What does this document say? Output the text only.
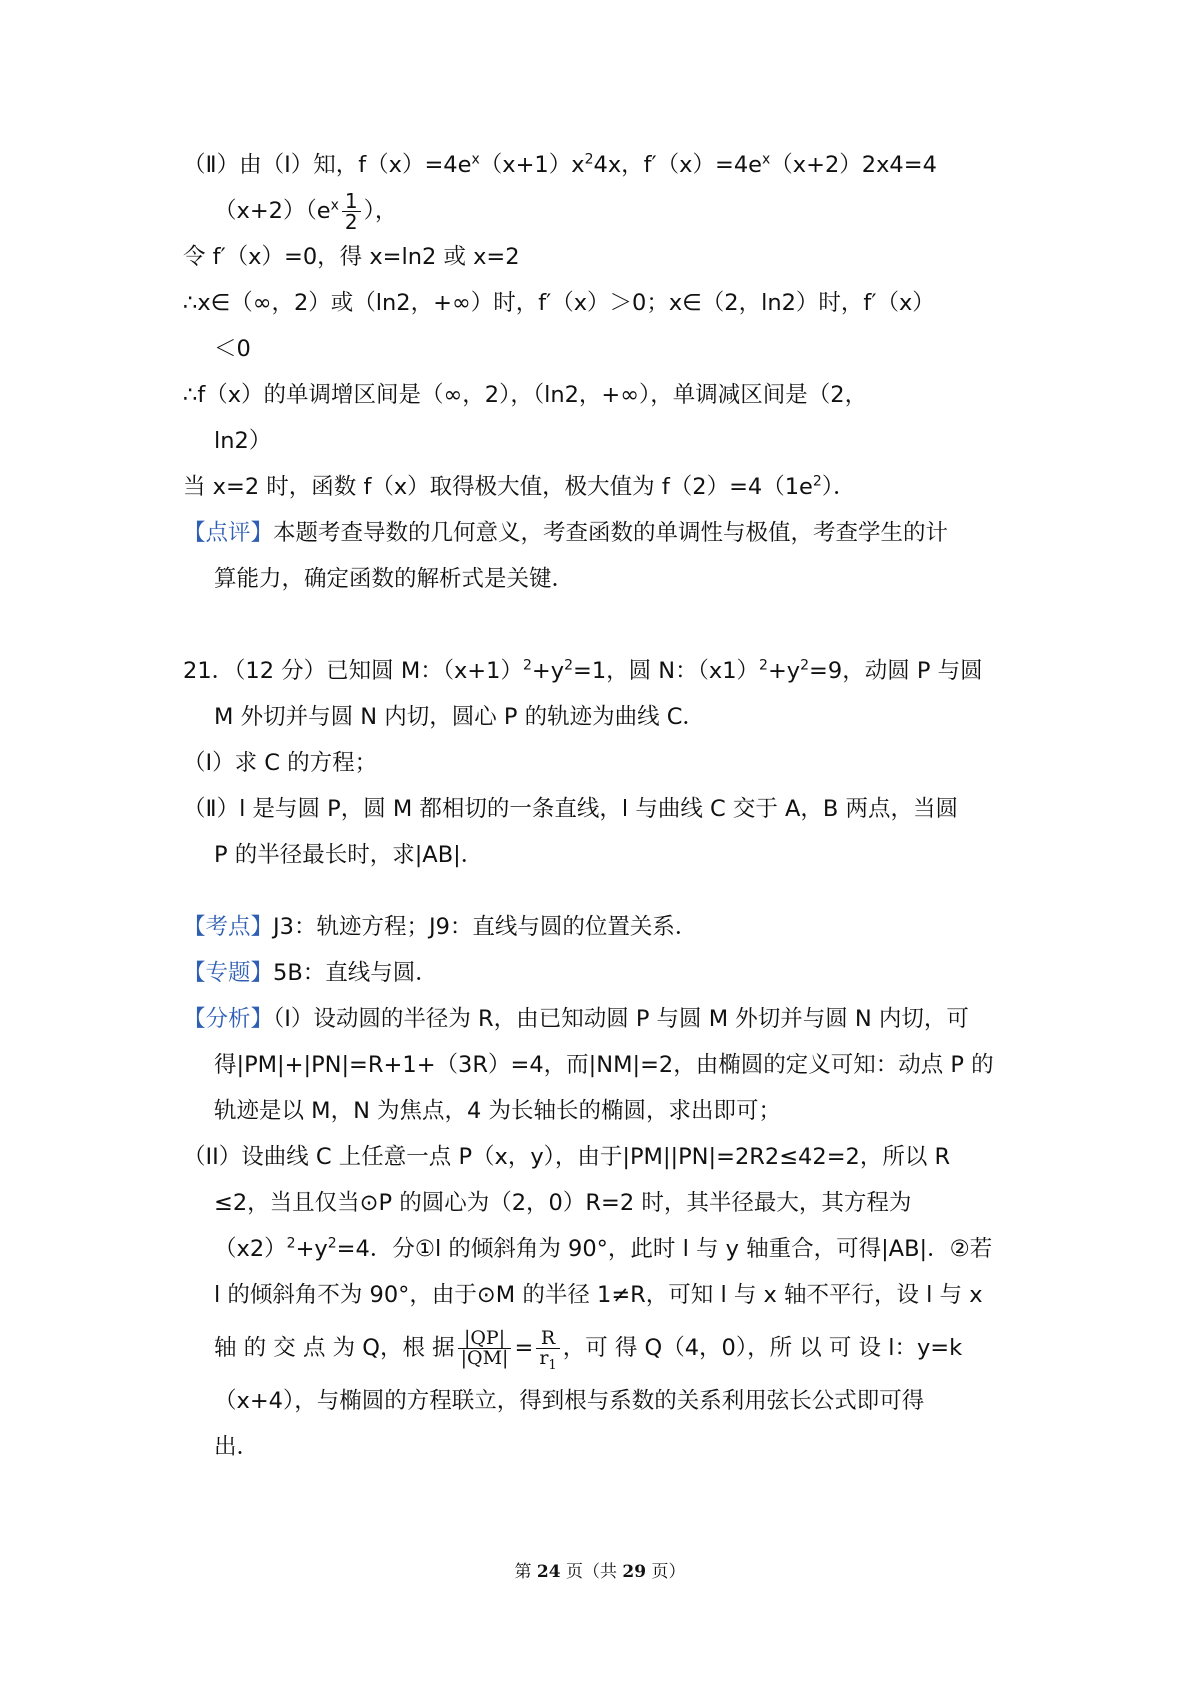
（Ⅱ）由（Ⅰ）知，$f(x)=4e^x(x+1)x^24x$，$f'(x)=4e^x(x+2)2x4=4$
$(x+2)(e^x \frac{1}{2}$ ），
令 f′（x）=0，得 x=ln2 或 x=2
∴x∈（∞，2）或（ln2，+∞）时，f′（x）＞0；x∈（2，ln2）时，f′（x）
＜0
∴f（x）的单调增区间是（∞，2），（ln2，+∞），单调减区间是（2，
ln2）
当 x=2 时，函数 f（x）取得极大值，极大值为 $f(2)=4(1e^2)$．
【点评】本题考查导数的几何意义，考查函数的单调性与极值，考查学生的计
算能力，确定函数的解析式是关键．
21．（12 分）已知圆 M：$(x+1)^2+y^2=1$，圆 N：$(x1)^2+y^2=9$，动圆 P 与圆
M 外切并与圆 N 内切，圆心 P 的轨迹为曲线 C．
（Ⅰ）求 C 的方程；
（Ⅱ）l 是与圆 P，圆 M 都相切的一条直线，l 与曲线 C 交于 A，B 两点，当圆
P 的半径最长时，求|AB|．
【考点】J3：轨迹方程；J9：直线与圆的位置关系．
【专题】5B：直线与圆．
【分析】（I）设动圆的半径为 R，由已知动圆 P 与圆 M 外切并与圆 N 内切，可
得|PM|+|PN|=R+1+（3R）=4，而|NM|=2，由椭圆的定义可知：动点 P 的
轨迹是以 M，N 为焦点，4 为长轴长的椭圆，求出即可；
（II）设曲线 C 上任意一点 P（x，y），由于|PM||PN|=2R2≤42=2，所以 R
≤2，当且仅当⊙P 的圆心为（2，0）R=2 时，其半径最大，其方程为
$(x2)^2+y^2=4$．分①l 的倾斜角为 90°，此时 l 与 y 轴重合，可得|AB|．②若
l 的倾斜角不为 90°，由于⊙M 的半径 1≠R，可知 l 与 x 轴不平行，设 l 与 x
轴 的 交 点 为 Q，根 据 $\frac{|QP|}{|QM|} = \frac{R}{r_1}$ ，可 得 Q（4，0），所 以 可 设 l：y=k
（x+4），与椭圆的方程联立，得到根与系数的关系利用弦长公式即可得
出．
第 24 页（共 29 页）
